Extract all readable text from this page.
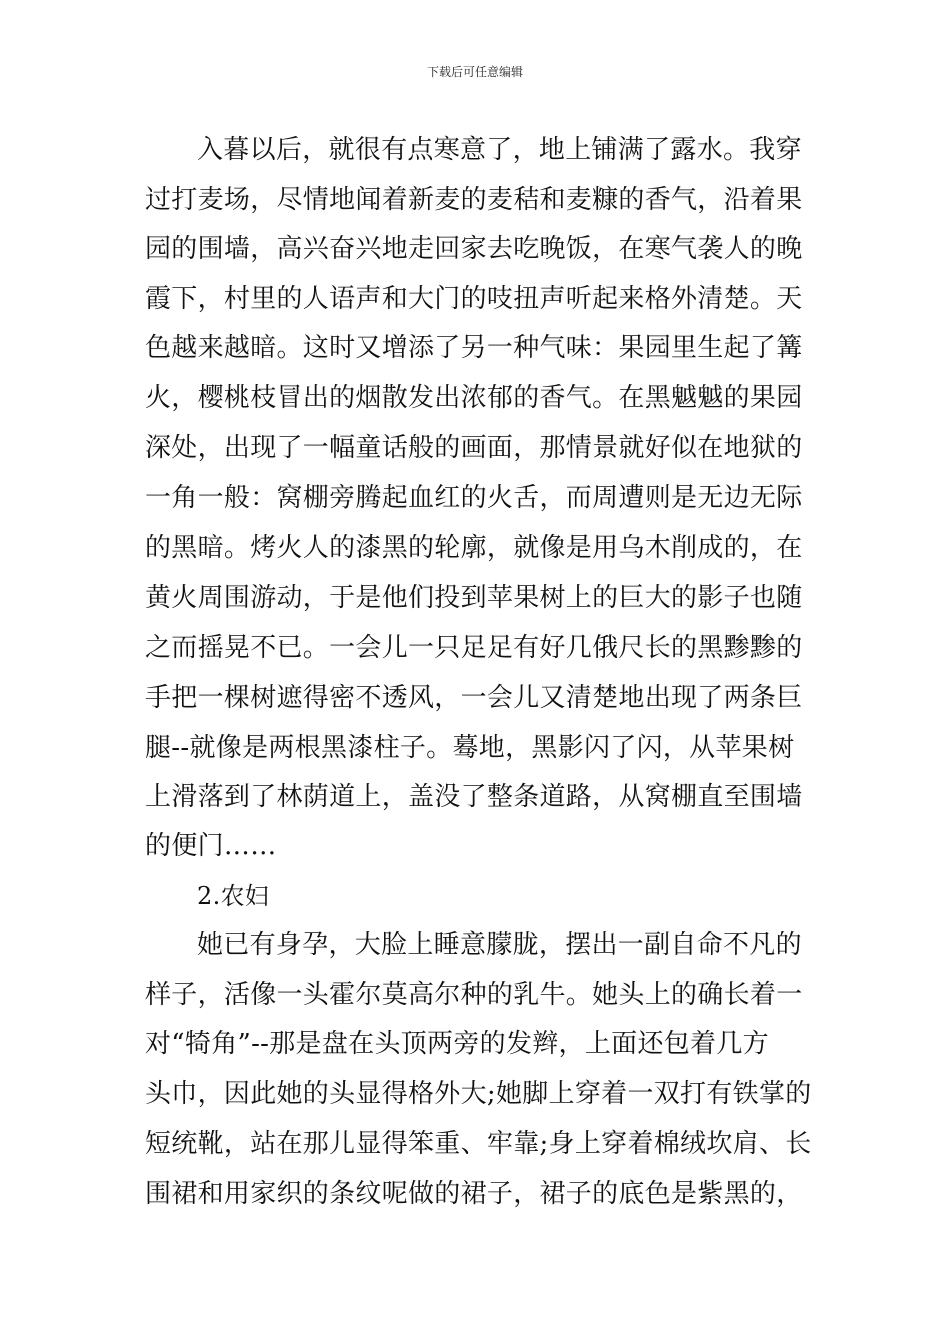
下载后可任意编辑
入暮以后，就很有点寒意了，地上铺满了露水。我穿
过打麦场，尽情地闻着新麦的麦秸和麦糠的香气，沿着果
园的围墙，高兴奋兴地走回家去吃晚饭，在寒气袭人的晚
霞下，村里的人语声和大门的吱扭声听起来格外清楚。天
色越来越暗。这时又增添了另一种气味：果园里生起了篝
火，樱桃枝冒出的烟散发出浓郁的香气。在黑魆魆的果园
深处，出现了一幅童话般的画面，那情景就好似在地狱的
一角一般：窝棚旁腾起血红的火舌，而周遭则是无边无际
的黑暗。烤火人的漆黑的轮廓，就像是用乌木削成的，在
黄火周围游动，于是他们投到苹果树上的巨大的影子也随
之而摇晃不已。一会儿一只足足有好几俄尺长的黑黪黪的
手把一棵树遮得密不透风，一会儿又清楚地出现了两条巨
腿--就像是两根黑漆柱子。蓦地，黑影闪了闪，从苹果树
上滑落到了林荫道上，盖没了整条道路，从窝棚直至围墙
的便门……
2.农妇
她已有身孕，大脸上睡意朦胧，摆出一副自命不凡的
样子，活像一头霍尔莫高尔种的乳牛。她头上的确长着一
对“犄角”--那是盘在头顶两旁的发辫，上面还包着几方
头巾，因此她的头显得格外大;她脚上穿着一双打有铁掌的
短统靴，站在那儿显得笨重、牢靠;身上穿着棉绒坎肩、长
围裙和用家织的条纹呢做的裙子，裙子的底色是紫黑的，
